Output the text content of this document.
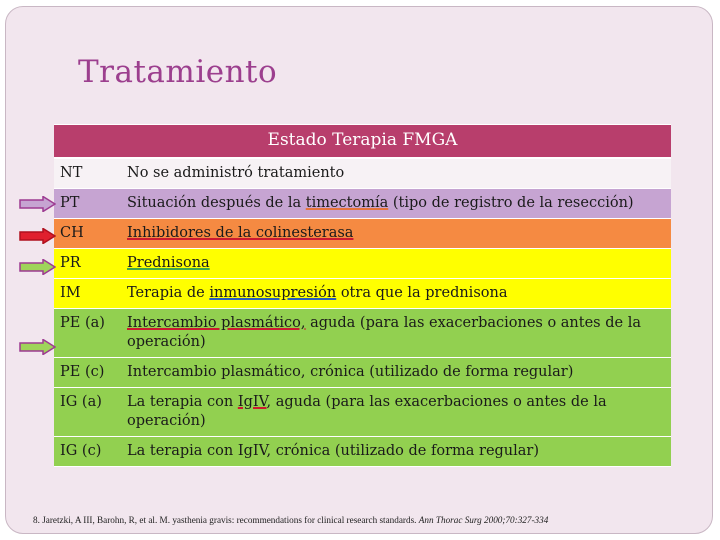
Tratamiento
Estado Terapia FMGA	
NT	No se administró tratamiento
PT	Situación después de la timectomía (tipo de registro de la resección)
CH	Inhibidores de la colinesterasa
PR	Prednisona
IM	Terapia de inmunosupresión otra que la prednisona
PE (a)	Intercambio plasmático, aguda (para las exacerbaciones o antes de la operación)
PE (c)	Intercambio plasmático, crónica (utilizado de forma regular)
IG (a)	La terapia con IgIV, aguda (para las exacerbaciones o antes de la operación)
IG (c)	La terapia con IgIV, crónica (utilizado de forma regular)
8. Jaretzki, A III, Barohn, R, et al. M. yasthenia gravis: recommendations for clinical research standards. Ann Thorac Surg 2000;70:327-334
